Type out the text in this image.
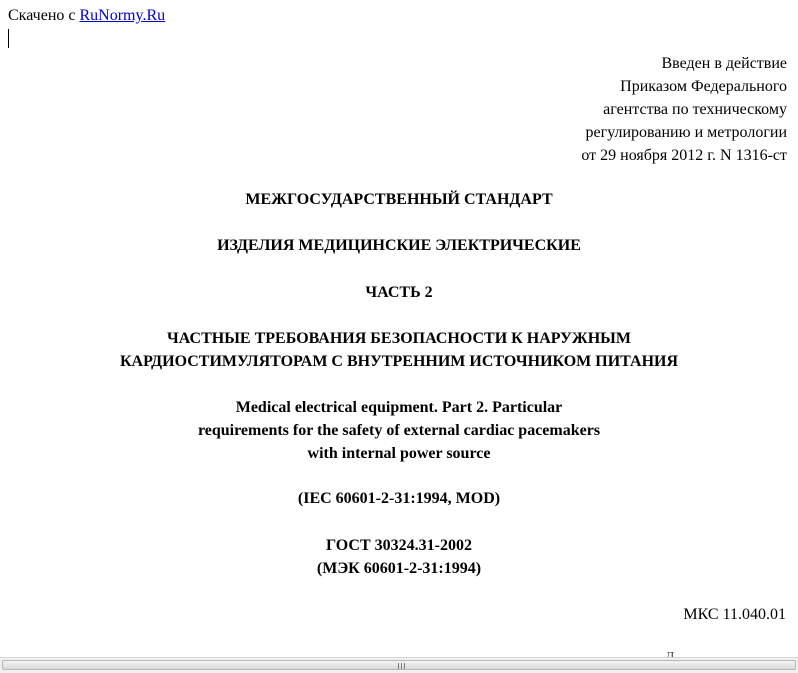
Скачено с RuNormy.Ru
Введен в действие
Приказом Федерального
агентства по техническому
регулированию и метрологии
от 29 ноября 2012 г. N 1316-ст
МЕЖГОСУДАРСТВЕННЫЙ СТАНДАРТ
ИЗДЕЛИЯ МЕДИЦИНСКИЕ ЭЛЕКТРИЧЕСКИЕ
ЧАСТЬ 2
ЧАСТНЫЕ ТРЕБОВАНИЯ БЕЗОПАСНОСТИ К НАРУЖНЫМ
КАРДИОСТИМУЛЯТОРАМ С ВНУТРЕННИМ ИСТОЧНИКОМ ПИТАНИЯ
Medical electrical equipment. Part 2. Particular
requirements for the safety of external cardiac pacemakers
with internal power source
(IEC 60601-2-31:1994, MOD)
ГОСТ 30324.31-2002
(МЭК 60601-2-31:1994)
МКС 11.040.01
